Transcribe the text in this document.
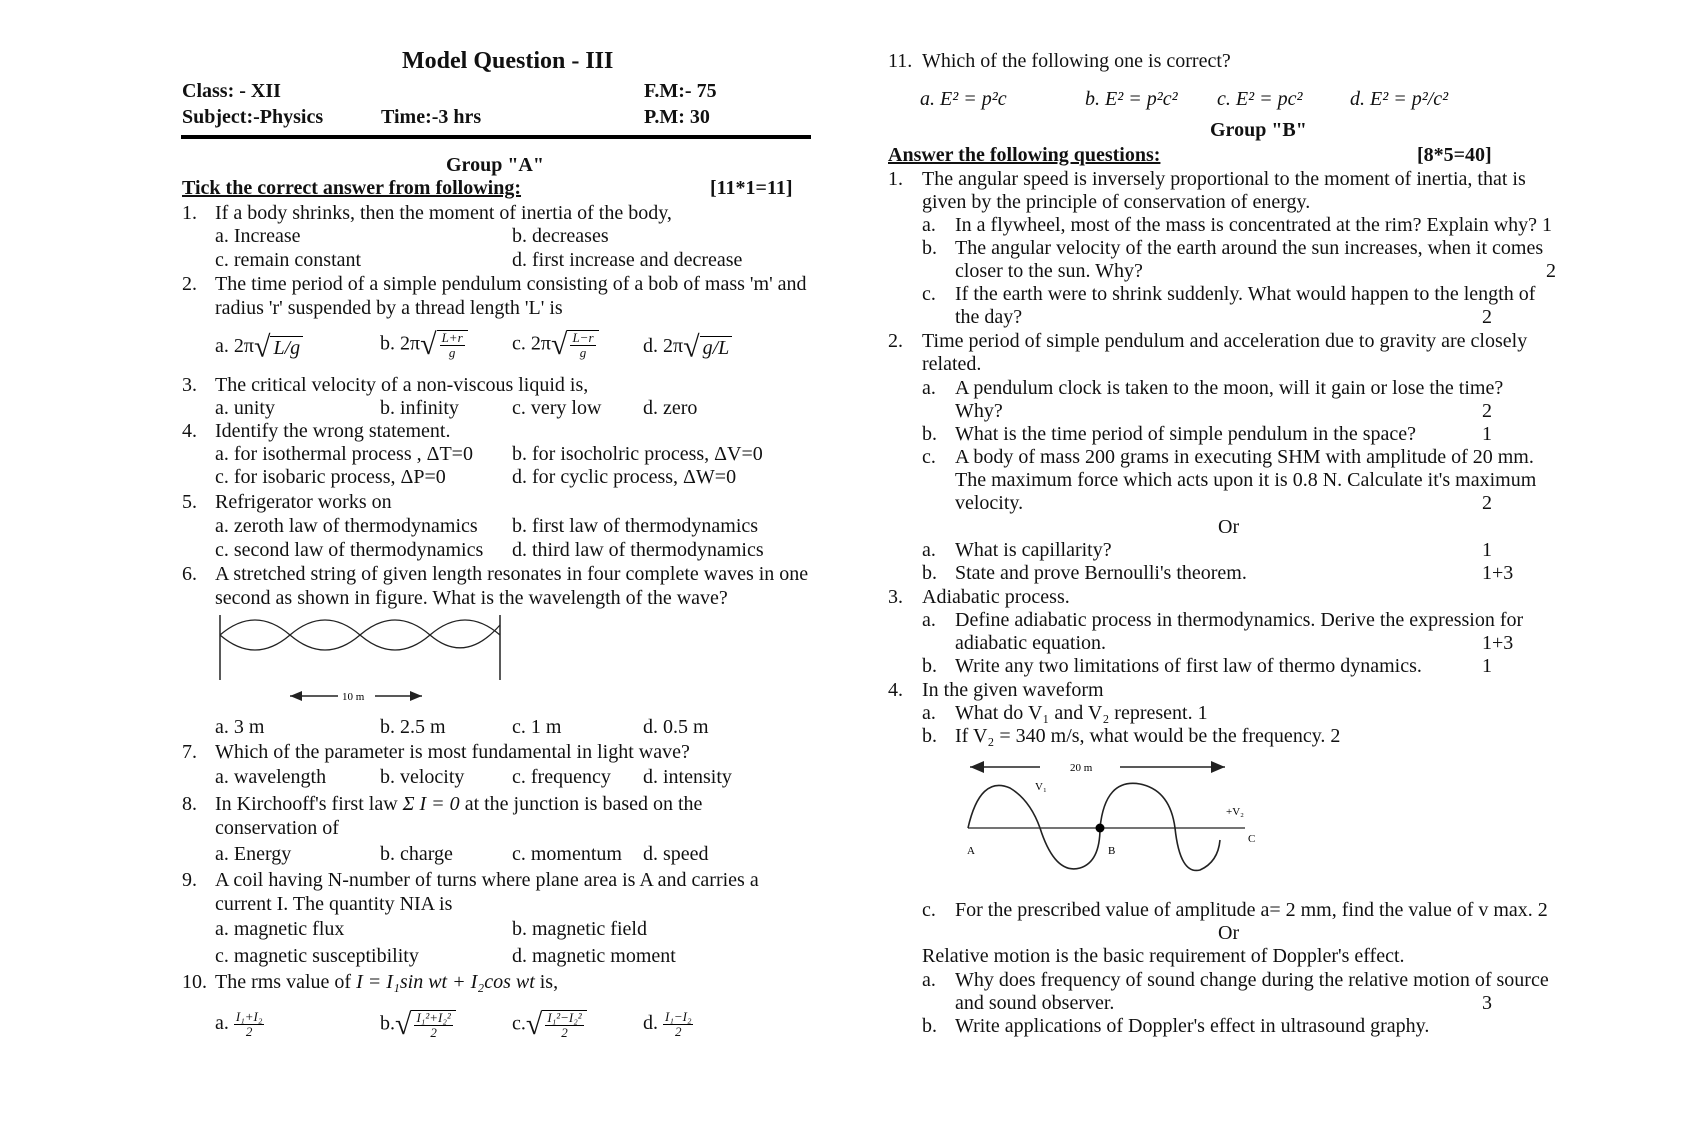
Model Question - III
Class: - XII
Subject:-Physics	Time:-3 hrs
F.M:- 75
P.M: 30
Group "A"
Tick the correct answer from following:	[11*1=11]
1. If a body shrinks, then the moment of inertia of the body,
a. Increase	b. decreases
c. remain constant	d. first increase and decrease
2. The time period of a simple pendulum consisting of a bob of mass 'm' and
radius 'r' suspended by a thread length 'L' is
a. 2π√ L/g	b. $2\pi√ \frac{L+r}{g} c$. $2\pi√ \frac{L-r}{g} d$. 2π√ g/L
3. The critical velocity of a non-viscous liquid is,
a. unity	b. infinity	c. very low d. zero
4. Identify the wrong statement.
a. for isothermal process , ΔT=0 b. for isocholric process, ΔV=0
c. for isobaric process, ΔP=0	d. for cyclic process, ΔW=0
5. Refrigerator works on
a. zeroth law of thermodynamics b. first law of thermodynamics
c. second law of thermodynamics d. third law of thermodynamics
6. A stretched string of given length resonates in four complete waves in one
second as shown in figure. What is the wavelength of the wave?
10 m
a. 3 m	b. 2.5 m	c. 1 m	d. 0.5 m
7. Which of the parameter is most fundamental in light wave?
a. wavelength	b. velocity c. frequency d. intensity
8. In Kirchooff's first law Σ I = 0 at the junction is based on the
conservation of
a. Energy	b. charge	c. momentum d. speed
9. A coil having N-number of turns where plane area is A and carries a
current I. The quantity NIA is
a. magnetic flux	b. magnetic field
c. magnetic susceptibility	d. magnetic moment
10. The rms value of I = I₁sin wt + I₂cos wt is,
a. $\frac{\text{I₁+I₂}}{2}$	$b.√ \frac{\text{I₁²+I₂²}}{2}$	$c.√ \frac{\text{I₁²−I₂²}}{2}$	d. $\frac{\text{I₁−I₂}}{2}$
11. Which of the following one is correct?
a. E² = p²c	b. E² = p²c² c. E² = pc² d. E² = p²/c²
Group "B"
Answer the following questions:	[8*5=40]
1. The angular speed is inversely proportional to the moment of inertia, that is
given by the principle of conservation of energy.
a. In a flywheel, most of the mass is concentrated at the rim? Explain why? 1
b. The angular velocity of the earth around the sun increases, when it comes
closer to the sun. Why?	2
c. If the earth were to shrink suddenly. What would happen to the length of
the day?	2
2. Time period of simple pendulum and acceleration due to gravity are closely
related.
a. A pendulum clock is taken to the moon, will it gain or lose the time?
Why?	2
b. What is the time period of simple pendulum in the space?	1
c. A body of mass 200 grams in executing SHM with amplitude of 20 mm.
The maximum force which acts upon it is 0.8 N. Calculate it's maximum
velocity.	2
Or
a. What is capillarity?	1
b. State and prove Bernoulli's theorem.	1+3
3. Adiabatic process.
a. Define adiabatic process in thermodynamics. Derive the expression for
adiabatic equation.	1+3
b. Write any two limitations of first law of thermo dynamics.	1
4. In the given waveform
a. What do V₁ and V₂ represent. 1
b. If V₂ = 340 m/s, what would be the frequency. 2
20 m
V₁
+V₂
A	B
C
c. For the prescribed value of amplitude a= 2 mm, find the value of v max. 2
Or
Relative motion is the basic requirement of Doppler's effect.
a. Why does frequency of sound change during the relative motion of source
and sound observer.	3
b. Write applications of Doppler's effect in ultrasound graphy.
